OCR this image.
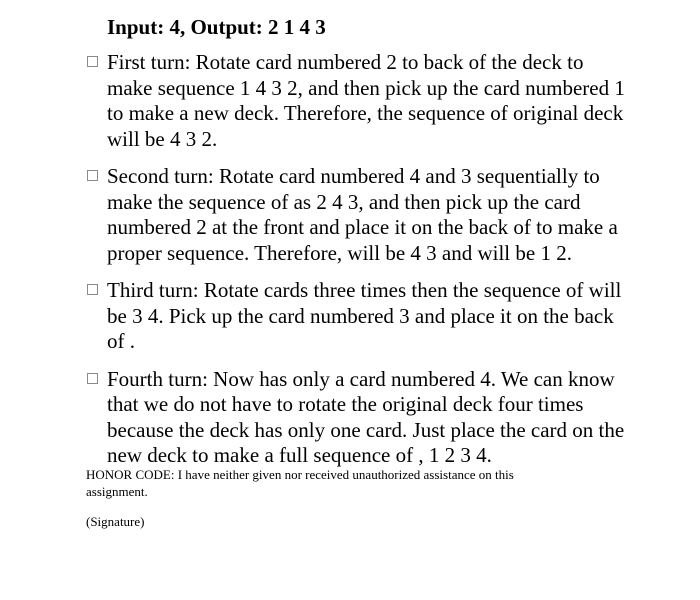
Input: 4, Output: 2 1 4 3
First turn: Rotate card numbered 2 to back of the deck to make sequence 1 4 3 2, and then pick up the card numbered 1 to make a new deck. Therefore, the sequence of original deck will be 4 3 2.
Second turn: Rotate card numbered 4 and 3 sequentially to make the sequence of as 2 4 3, and then pick up the card numbered 2 at the front and place it on the back of to make a proper sequence. Therefore, will be 4 3 and will be 1 2.
Third turn: Rotate cards three times then the sequence of will be 3 4. Pick up the card numbered 3 and place it on the back of .
Fourth turn: Now has only a card numbered 4. We can know that we do not have to rotate the original deck four times because the deck has only one card. Just place the card on the new deck to make a full sequence of , 1 2 3 4.
HONOR CODE: I have neither given nor received unauthorized assistance on this assignment.
(Signature)
